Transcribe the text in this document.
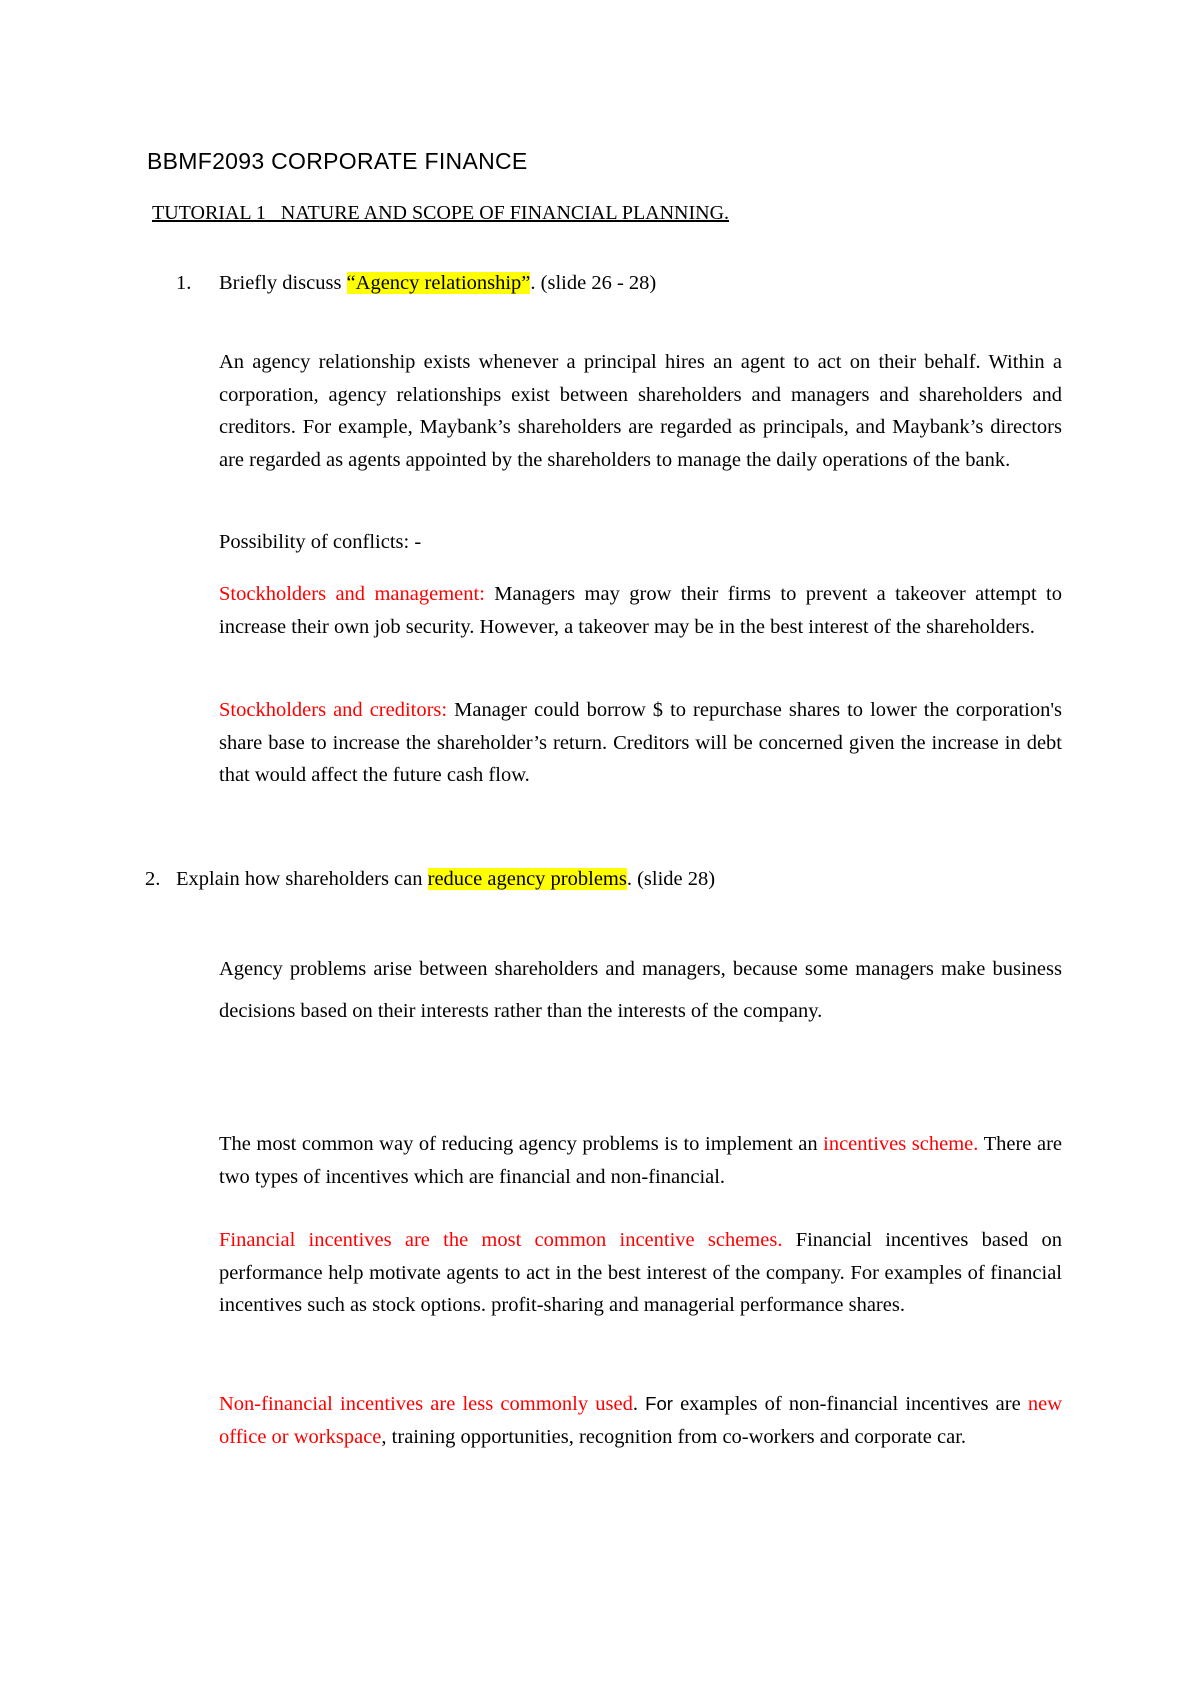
BBMF2093 CORPORATE FINANCE
TUTORIAL 1   NATURE AND SCOPE OF FINANCIAL PLANNING.
1. Briefly discuss “Agency relationship”. (slide 26 - 28)
An agency relationship exists whenever a principal hires an agent to act on their behalf. Within a corporation, agency relationships exist between shareholders and managers and shareholders and creditors. For example, Maybank’s shareholders are regarded as principals, and Maybank’s directors are regarded as agents appointed by the shareholders to manage the daily operations of the bank.
Possibility of conflicts: -
Stockholders and management: Managers may grow their firms to prevent a takeover attempt to increase their own job security. However, a takeover may be in the best interest of the shareholders.
Stockholders and creditors: Manager could borrow $ to repurchase shares to lower the corporation's share base to increase the shareholder’s return. Creditors will be concerned given the increase in debt that would affect the future cash flow.
2. Explain how shareholders can reduce agency problems. (slide 28)
Agency problems arise between shareholders and managers, because some managers make business decisions based on their interests rather than the interests of the company.
The most common way of reducing agency problems is to implement an incentives scheme. There are two types of incentives which are financial and non-financial.
Financial incentives are the most common incentive schemes. Financial incentives based on performance help motivate agents to act in the best interest of the company. For examples of financial incentives such as stock options. profit-sharing and managerial performance shares.
Non-financial incentives are less commonly used. For examples of non-financial incentives are new office or workspace, training opportunities, recognition from co-workers and corporate car.
